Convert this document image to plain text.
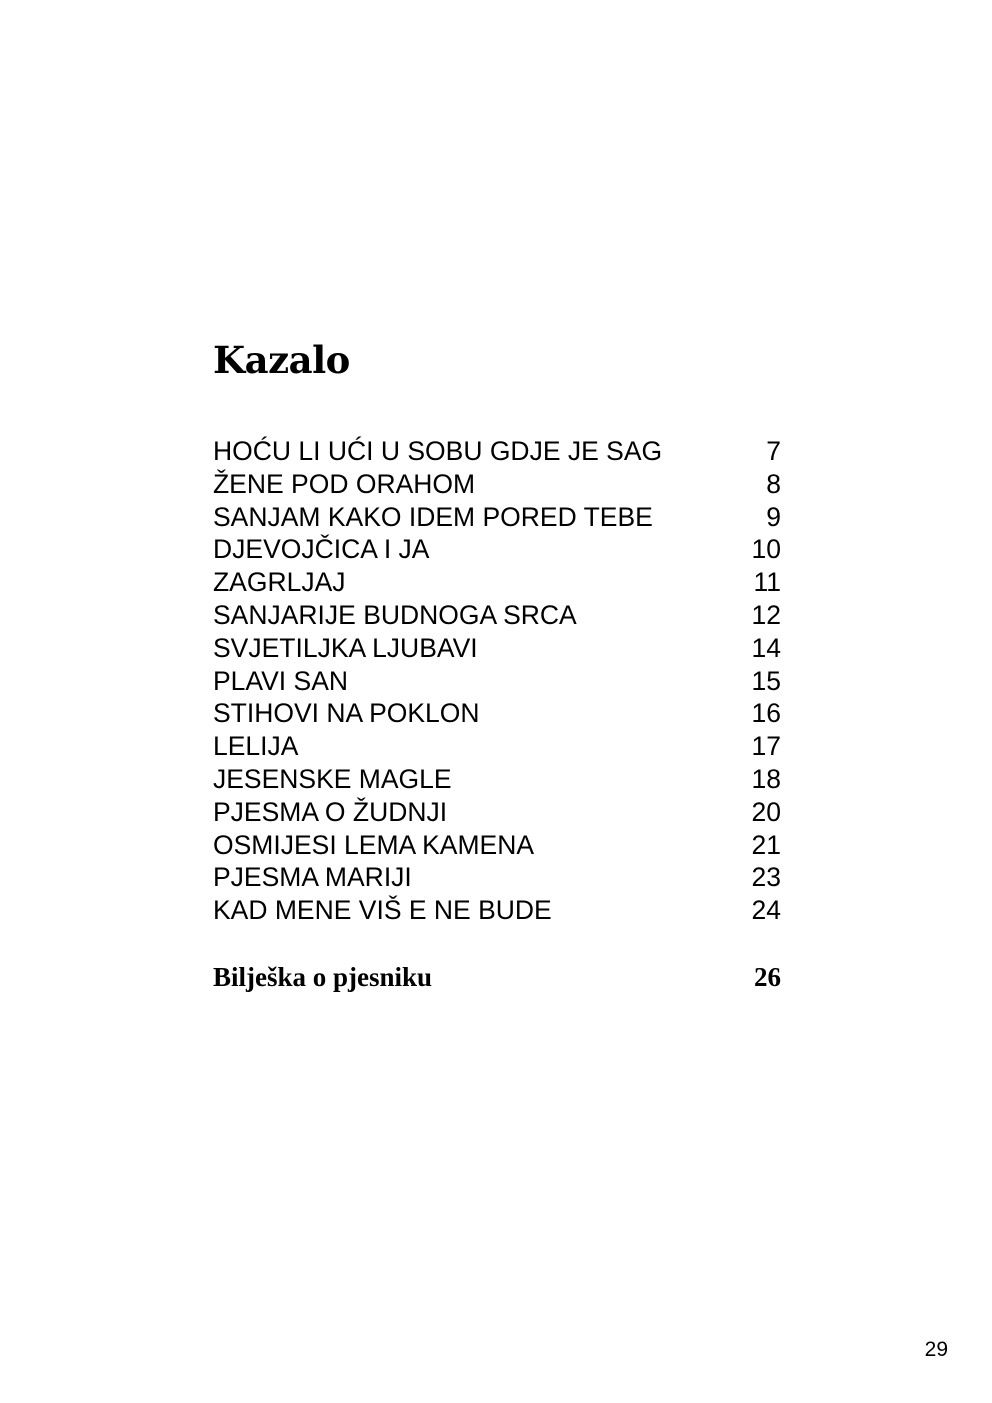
Kazalo
HOĆU LI UĆI U SOBU GDJE JE SAG	7
ŽENE POD ORAHOM	8
SANJAM KAKO IDEM PORED TEBE	9
DJEVOJČICA I JA	10
ZAGRLJAJ	11
SANJARIJE BUDNOGA SRCA	12
SVJETILJKA LJUBAVI	14
PLAVI SAN	15
STIHOVI NA POKLON	16
LELIJA	17
JESENSKE MAGLE	18
PJESMA O ŽUDNJI	20
OSMIJESI LEMA KAMENA	21
PJESMA MARIJI	23
KAD MENE VIŠ E NE BUDE	24
Bilješka o pjesniku	26
29
